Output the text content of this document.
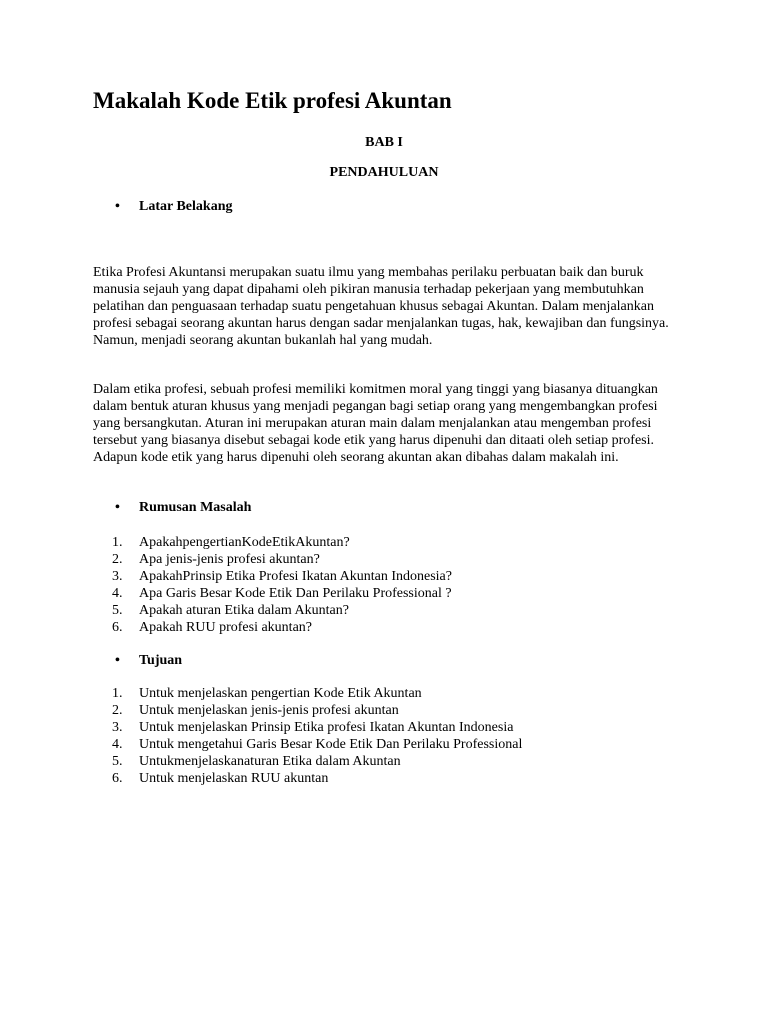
Makalah Kode Etik profesi Akuntan

BAB I

PENDAHULUAN

• Latar Belakang

Etika Profesi Akuntansi merupakan suatu ilmu yang membahas perilaku perbuatan baik dan buruk manusia sejauh yang dapat dipahami oleh pikiran manusia terhadap pekerjaan yang membutuhkan pelatihan dan penguasaan terhadap suatu pengetahuan khusus sebagai Akuntan. Dalam menjalankan profesi sebagai seorang akuntan harus dengan sadar menjalankan tugas, hak, kewajiban dan fungsinya. Namun, menjadi seorang akuntan bukanlah hal yang mudah.

Dalam etika profesi, sebuah profesi memiliki komitmen moral yang tinggi yang biasanya dituangkan dalam bentuk aturan khusus yang menjadi pegangan bagi setiap orang yang mengembangkan profesi yang bersangkutan. Aturan ini merupakan aturan main dalam menjalankan atau mengemban profesi tersebut yang biasanya disebut sebagai kode etik yang harus dipenuhi dan ditaati oleh setiap profesi. Adapun kode etik yang harus dipenuhi oleh seorang akuntan akan dibahas dalam makalah ini.

• Rumusan Masalah

1. ApakahpengertianKodeEtikAkuntan?
2. Apa jenis-jenis profesi akuntan?
3. ApakahPrinsip Etika Profesi Ikatan Akuntan Indonesia?
4. Apa Garis Besar Kode Etik Dan Perilaku Professional ?
5. Apakah aturan Etika dalam Akuntan?
6. Apakah RUU profesi akuntan?

• Tujuan

1. Untuk menjelaskan pengertian Kode Etik Akuntan
2. Untuk menjelaskan jenis-jenis profesi akuntan
3. Untuk menjelaskan Prinsip Etika profesi Ikatan Akuntan Indonesia
4. Untuk mengetahui Garis Besar Kode Etik Dan Perilaku Professional
5. Untukmenjelaskanaturan Etika dalam Akuntan
6. Untuk menjelaskan RUU akuntan
